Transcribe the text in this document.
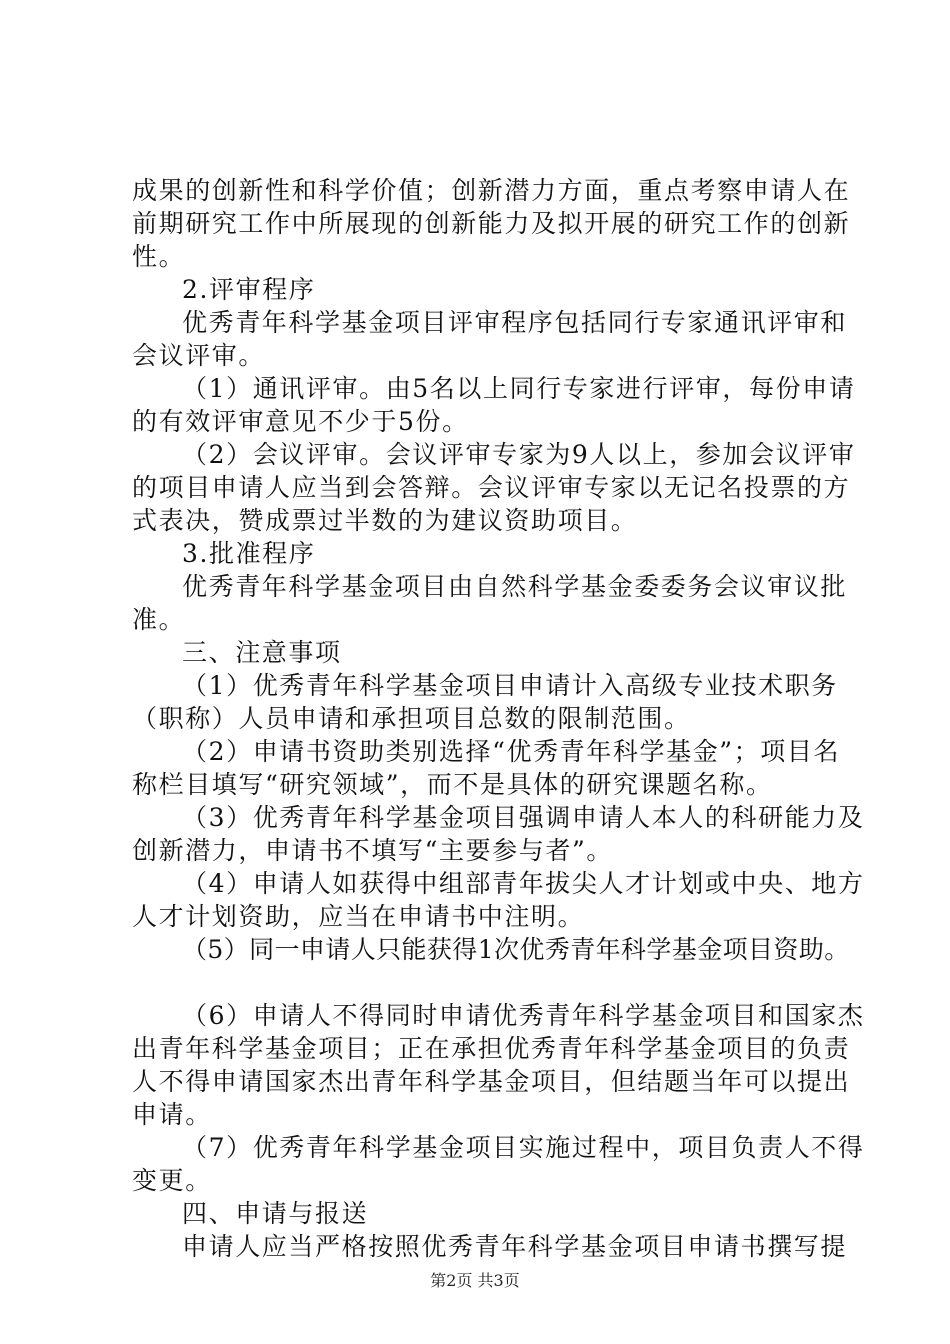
成果的创新性和科学价值；创新潜力方面，重点考察申请人在
前期研究工作中所展现的创新能力及拟开展的研究工作的创新
性。
2.评审程序
优秀青年科学基金项目评审程序包括同行专家通讯评审和
会议评审。
（1）通讯评审。由5名以上同行专家进行评审，每份申请
的有效评审意见不少于5份。
（2）会议评审。会议评审专家为9人以上，参加会议评审
的项目申请人应当到会答辩。会议评审专家以无记名投票的方
式表决，赞成票过半数的为建议资助项目。
3.批准程序
优秀青年科学基金项目由自然科学基金委委务会议审议批
准。
三、注意事项
（1）优秀青年科学基金项目申请计入高级专业技术职务
（职称）人员申请和承担项目总数的限制范围。
（2）申请书资助类别选择“优秀青年科学基金”；项目名
称栏目填写“研究领域”，而不是具体的研究课题名称。
（3）优秀青年科学基金项目强调申请人本人的科研能力及
创新潜力，申请书不填写“主要参与者”。
（4）申请人如获得中组部青年拔尖人才计划或中央、地方
人才计划资助，应当在申请书中注明。
（5）同一申请人只能获得1次优秀青年科学基金项目资助。
（6）申请人不得同时申请优秀青年科学基金项目和国家杰
出青年科学基金项目；正在承担优秀青年科学基金项目的负责
人不得申请国家杰出青年科学基金项目，但结题当年可以提出
申请。
（7）优秀青年科学基金项目实施过程中，项目负责人不得
变更。
四、申请与报送
申请人应当严格按照优秀青年科学基金项目申请书撰写提
第2页 共3页
